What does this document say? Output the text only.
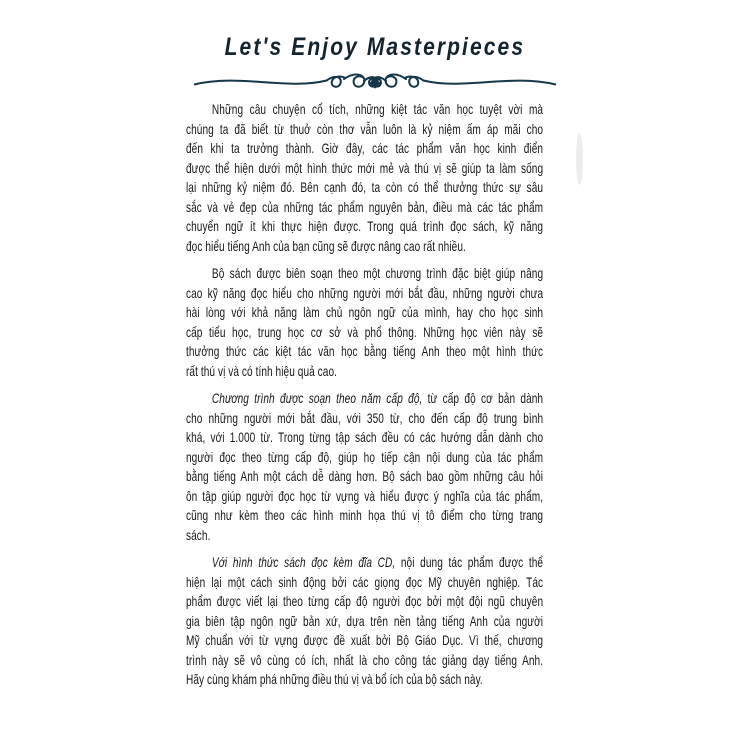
Let's Enjoy Masterpieces
Những câu chuyện cổ tích, những kiệt tác văn học tuyệt vời mà
chúng ta đã biết từ thuở còn thơ vẫn luôn là kỷ niệm ấm áp mãi cho
đến khi ta trưởng thành. Giờ đây, các tác phẩm văn học kinh điển
được thể hiện dưới một hình thức mới mẻ và thú vị sẽ giúp ta làm sống
lại những kỷ niệm đó. Bên cạnh đó, ta còn có thể thưởng thức sự sâu
sắc và vẻ đẹp của những tác phẩm nguyên bản, điều mà các tác phẩm
chuyển ngữ ít khi thực hiện được. Trong quá trình đọc sách, kỹ năng
đọc hiểu tiếng Anh của bạn cũng sẽ được nâng cao rất nhiều.
Bộ sách được biên soạn theo một chương trình đặc biệt giúp nâng
cao kỹ năng đọc hiểu cho những người mới bắt đầu, những người chưa
hài lòng với khả năng làm chủ ngôn ngữ của mình, hay cho học sinh
cấp tiểu học, trung học cơ sở và phổ thông. Những học viên này sẽ
thưởng thức các kiệt tác văn học bằng tiếng Anh theo một hình thức
rất thú vị và có tính hiệu quả cao.
Chương trình được soạn theo năm cấp độ, từ cấp độ cơ bản dành
cho những người mới bắt đầu, với 350 từ, cho đến cấp độ trung bình
khá, với 1.000 từ. Trong từng tập sách đều có các hướng dẫn dành cho
người đọc theo từng cấp độ, giúp họ tiếp cận nội dung của tác phẩm
bằng tiếng Anh một cách dễ dàng hơn. Bộ sách bao gồm những câu hỏi
ôn tập giúp người đọc học từ vựng và hiểu được ý nghĩa của tác phẩm,
cũng như kèm theo các hình minh họa thú vị tô điểm cho từng trang
sách.
Với hình thức sách đọc kèm đĩa CD, nội dung tác phẩm được thể
hiện lại một cách sinh động bởi các giọng đọc Mỹ chuyên nghiệp. Tác
phẩm được viết lại theo từng cấp độ người đọc bởi một đội ngũ chuyên
gia biên tập ngôn ngữ bản xứ, dựa trên nền tảng tiếng Anh của người
Mỹ chuẩn với từ vựng được đề xuất bởi Bộ Giáo Dục. Vì thế, chương
trình này sẽ vô cùng có ích, nhất là cho công tác giảng dạy tiếng Anh.
Hãy cùng khám phá những điều thú vị và bổ ích của bộ sách này.
